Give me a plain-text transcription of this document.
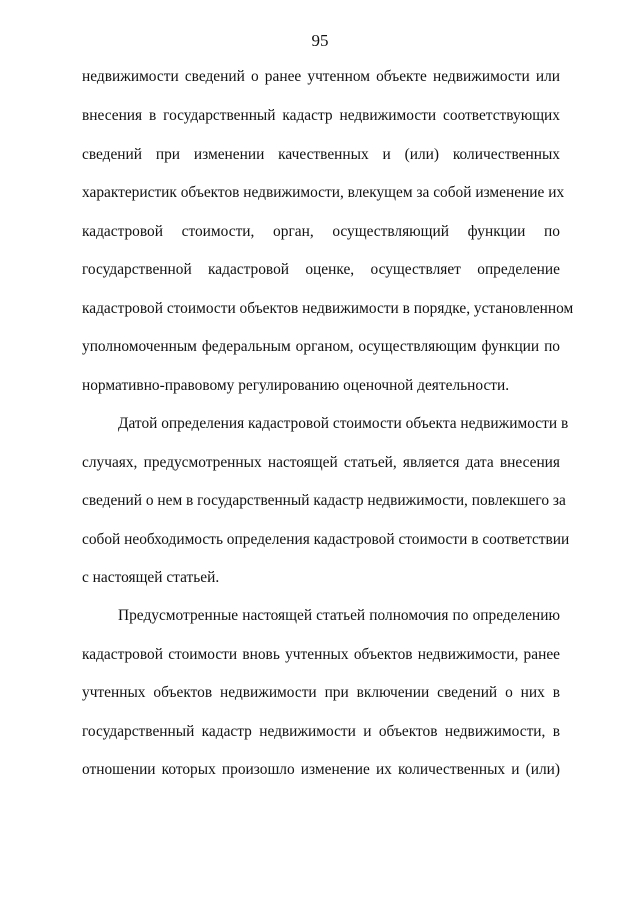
95
недвижимости сведений о ранее учтенном объекте недвижимости или
внесения в государственный кадастр недвижимости соответствующих
сведений при изменении качественных и (или) количественных
характеристик объектов недвижимости, влекущем за собой изменение их
кадастровой стоимости, орган, осуществляющий функции по
государственной кадастровой оценке, осуществляет определение
кадастровой стоимости объектов недвижимости в порядке, установленном
уполномоченным федеральным органом, осуществляющим функции по
нормативно-правовому регулированию оценочной деятельности.
Датой определения кадастровой стоимости объекта недвижимости в
случаях, предусмотренных настоящей статьей, является дата внесения
сведений о нем в государственный кадастр недвижимости, повлекшего за
собой необходимость определения кадастровой стоимости в соответствии
с настоящей статьей.
Предусмотренные настоящей статьей полномочия по определению
кадастровой стоимости вновь учтенных объектов недвижимости, ранее
учтенных объектов недвижимости при включении сведений о них в
государственный кадастр недвижимости и объектов недвижимости, в
отношении которых произошло изменение их количественных и (или)
